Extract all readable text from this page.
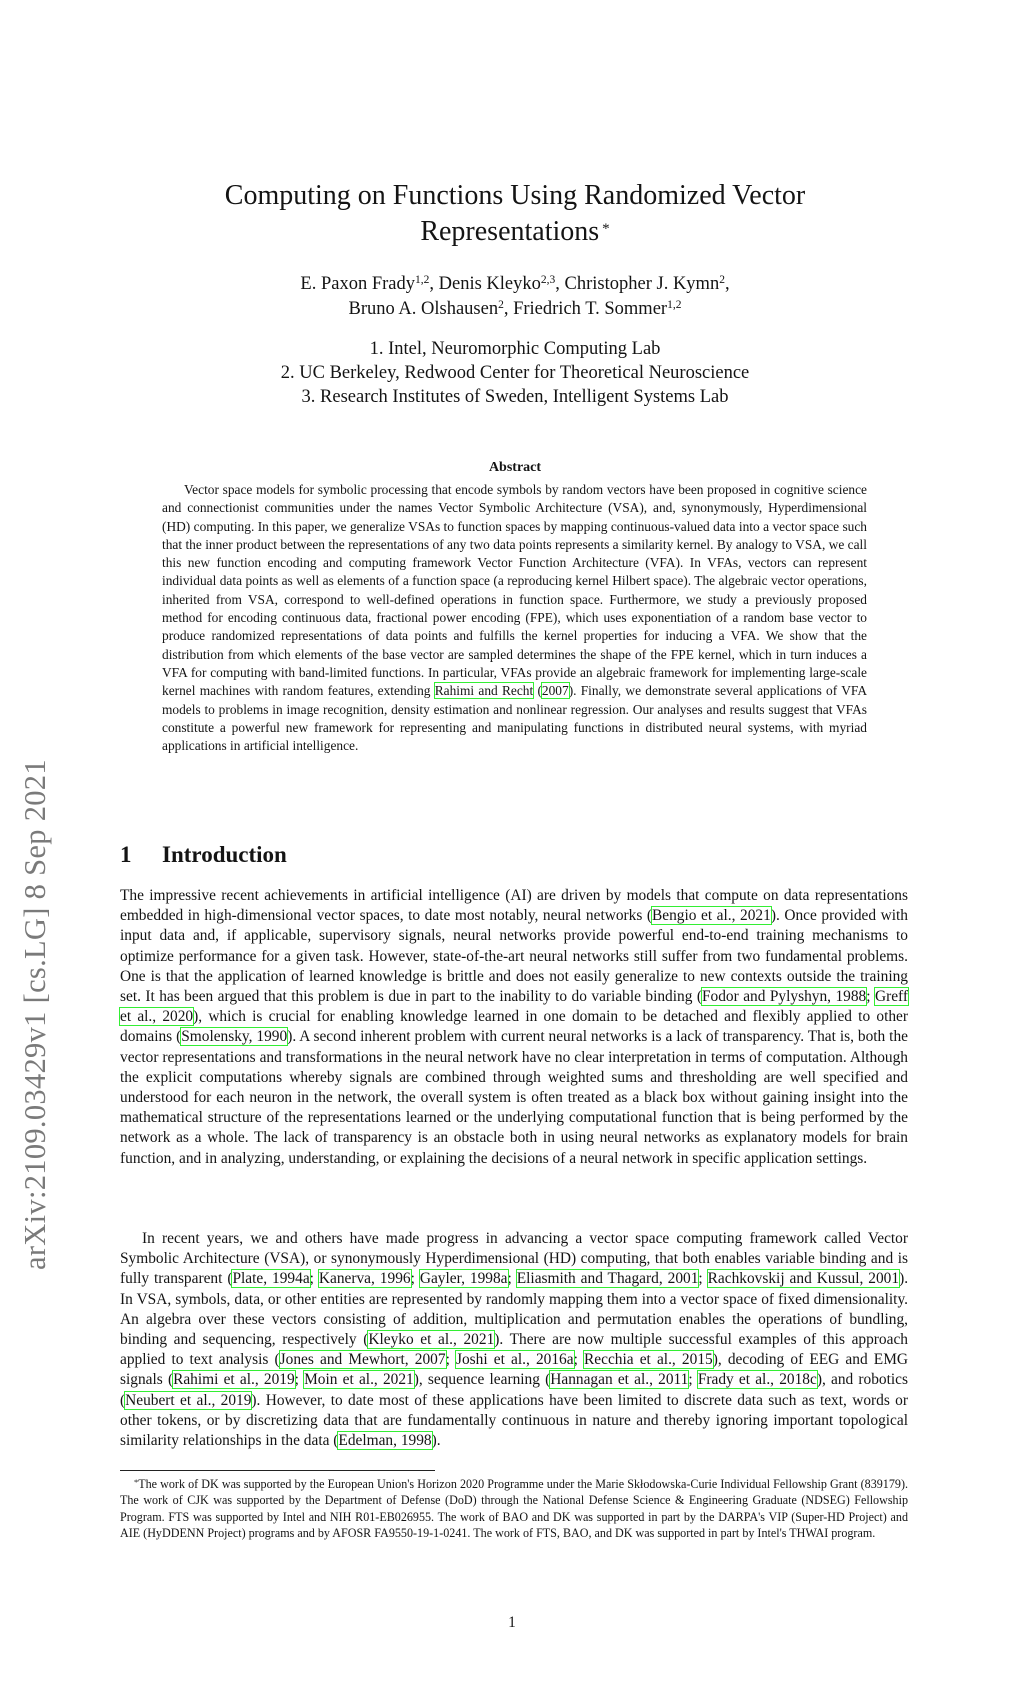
arXiv:2109.03429v1 [cs.LG] 8 Sep 2021
Computing on Functions Using Randomized Vector
Representations *
E. Paxon Frady$^{1,2}$, Denis Kleyko$^{2,3}$, Christopher J. Kymn$^2$,
Bruno A. Olshausen$^2$, Friedrich T. Sommer$^{1,2}$
1. Intel, Neuromorphic Computing Lab
2. UC Berkeley, Redwood Center for Theoretical Neuroscience
3. Research Institutes of Sweden, Intelligent Systems Lab
Abstract

Vector space models for symbolic processing that encode symbols by random vectors have been proposed in cognitive science and connectionist communities under the names Vector Symbolic Architecture (VSA), and, synonymously, Hyperdimensional (HD) computing. In this paper, we generalize VSAs to function spaces by mapping continuous-valued data into a vector space such that the inner product between the representations of any two data points represents a similarity kernel. By analogy to VSA, we call this new function encoding and computing framework Vector Function Architecture (VFA). In VFAs, vectors can represent individual data points as well as elements of a function space (a reproducing kernel Hilbert space). The algebraic vector operations, inherited from VSA, correspond to well-defined operations in function space. Furthermore, we study a previously proposed method for encoding continuous data, fractional power encoding (FPE), which uses exponentiation of a random base vector to produce randomized representations of data points and fulfills the kernel properties for inducing a VFA. We show that the distribution from which elements of the base vector are sampled determines the shape of the FPE kernel, which in turn induces a VFA for computing with band-limited functions. In particular, VFAs provide an algebraic framework for implementing large-scale kernel machines with random features, extending Rahimi and Recht (2007). Finally, we demonstrate several applications of VFA models to problems in image recognition, density estimation and nonlinear regression. Our analyses and results suggest that VFAs constitute a powerful new framework for representing and manipulating functions in distributed neural systems, with myriad applications in artificial intelligence.

1 Introduction

The impressive recent achievements in artificial intelligence (AI) are driven by models that compute on data representations embedded in high-dimensional vector spaces, to date most notably, neural networks (Bengio et al., 2021). Once provided with input data and, if applicable, supervisory signals, neural networks provide powerful end-to-end training mechanisms to optimize performance for a given task. However, state-of-the-art neural networks still suffer from two fundamental problems. One is that the application of learned knowledge is brittle and does not easily generalize to new contexts outside the training set. It has been argued that this problem is due in part to the inability to do variable binding (Fodor and Pylyshyn, 1988; Greff et al., 2020), which is crucial for enabling knowledge learned in one domain to be detached and flexibly applied to other domains (Smolensky, 1990). A second inherent problem with current neural networks is a lack of transparency. That is, both the vector representations and transformations in the neural network have no clear interpretation in terms of computation. Although the explicit computations whereby signals are combined through weighted sums and thresholding are well specified and understood for each neuron in the network, the overall system is often treated as a black box without gaining insight into the mathematical structure of the representations learned or the underlying computational function that is being performed by the network as a whole. The lack of transparency is an obstacle both in using neural networks as explanatory models for brain function, and in analyzing, understanding, or explaining the decisions of a neural network in specific application settings.

In recent years, we and others have made progress in advancing a vector space computing framework called Vector Symbolic Architecture (VSA), or synonymously Hyperdimensional (HD) computing, that both enables variable binding and is fully transparent (Plate, 1994a; Kanerva, 1996; Gayler, 1998a; Eliasmith and Thagard, 2001; Rachkovskij and Kussul, 2001). In VSA, symbols, data, or other entities are represented by randomly mapping them into a vector space of fixed dimensionality. An algebra over these vectors consisting of addition, multiplication and permutation enables the operations of bundling, binding and sequencing, respectively (Kleyko et al., 2021). There are now multiple successful examples of this approach applied to text analysis (Jones and Mewhort, 2007; Joshi et al., 2016a; Recchia et al., 2015), decoding of EEG and EMG signals (Rahimi et al., 2019; Moin et al., 2021), sequence learning (Hannagan et al., 2011; Frady et al., 2018c), and robotics (Neubert et al., 2019). However, to date most of these applications have been limited to discrete data such as text, words or other tokens, or by discretizing data that are fundamentally continuous in nature and thereby ignoring important topological similarity relationships in the data (Edelman, 1998).

*The work of DK was supported by the European Union's Horizon 2020 Programme under the Marie Skłodowska-Curie Individual Fellowship Grant (839179). The work of CJK was supported by the Department of Defense (DoD) through the National Defense Science & Engineering Graduate (NDSEG) Fellowship Program. FTS was supported by Intel and NIH R01-EB026955. The work of BAO and DK was supported in part by the DARPA's VIP (Super-HD Project) and AIE (HyDDENN Project) programs and by AFOSR FA9550-19-1-0241. The work of FTS, BAO, and DK was supported in part by Intel's THWAI program.

1
